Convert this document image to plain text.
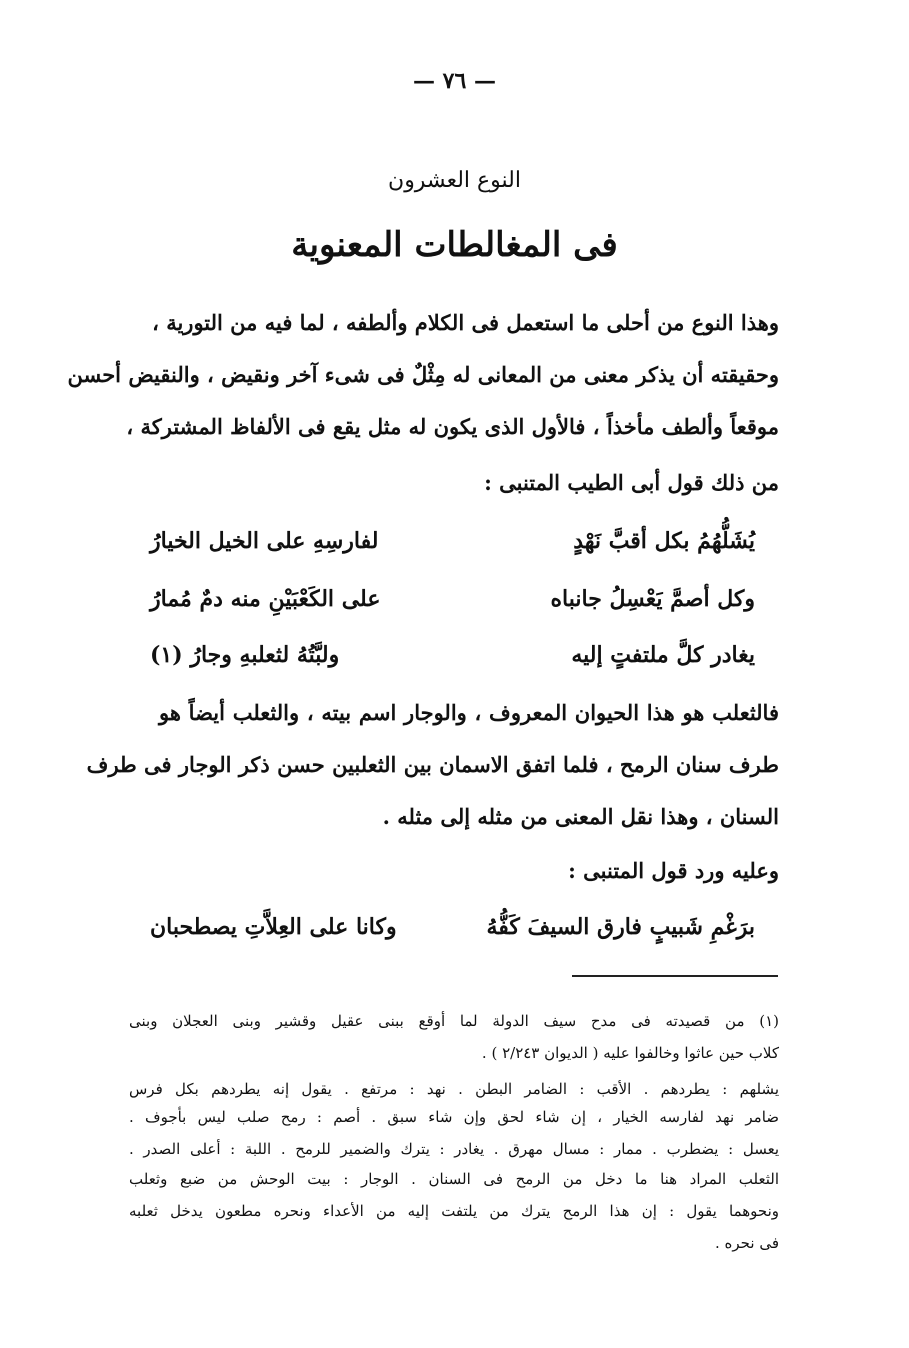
— ٧٦ —
النوع العشرون
فى المغالطات المعنوية
وهذا النوع من أحلى ما استعمل فى الكلام وألطفه ، لما فيه من التورية ،
وحقيقته أن يذكر معنى من المعانى له مِثْلٌ فى شىء آخر ونقيض ، والنقيض أحسن
موقعاً وألطف مأخذاً ، فالأول الذى يكون له مثل يقع فى الألفاظ المشتركة ،
من ذلك قول أبى الطيب المتنبى :
يُشَلُّهُمُ بكل أقبَّ نَهْدٍ
لفارسِهِ على الخيل الخيارُ
وكل أصمَّ يَعْسِلُ جانباه
على الكَعْبَيْنِ منه دمٌ مُمارُ
يغادر كلَّ ملتفتٍ إليه
ولبَّتُهُ لثعلبهِ وجارُ (١)
فالثعلب هو هذا الحيوان المعروف ، والوجار اسم بيته ، والثعلب أيضاً هو
طرف سنان الرمح ، فلما اتفق الاسمان بين الثعلبين حسن ذكر الوجار فى طرف
السنان ، وهذا نقل المعنى من مثله إلى مثله .
وعليه ورد قول المتنبى :
برَغْمِ شَبيبٍ فارق السيفَ كَفُّهُ
وكانا على العِلاَّتِ يصطحبان
(١) من قصيدته فى مدح سيف الدولة لما أوقع ببنى عقيل وقشير وبنى العجلان وبنى
كلاب حين عاثوا وخالفوا عليه ( الديوان ٢/٢٤٣ ) .
يشلهم : يطردهم . الأقب : الضامر البطن . نهد : مرتفع . يقول إنه يطردهم بكل فرس
ضامر نهد لفارسه الخيار ، إن شاء لحق وإن شاء سبق . أصم : رمح صلب ليس بأجوف .
يعسل : يضطرب . ممار : مسال مهرق . يغادر : يترك والضمير للرمح . اللبة : أعلى الصدر .
الثعلب المراد هنا ما دخل من الرمح فى السنان . الوجار : بيت الوحش من ضبع وثعلب
ونحوهما يقول : إن هذا الرمح يترك من يلتفت إليه من الأعداء ونحره مطعون يدخل ثعلبه
فى نحره .
